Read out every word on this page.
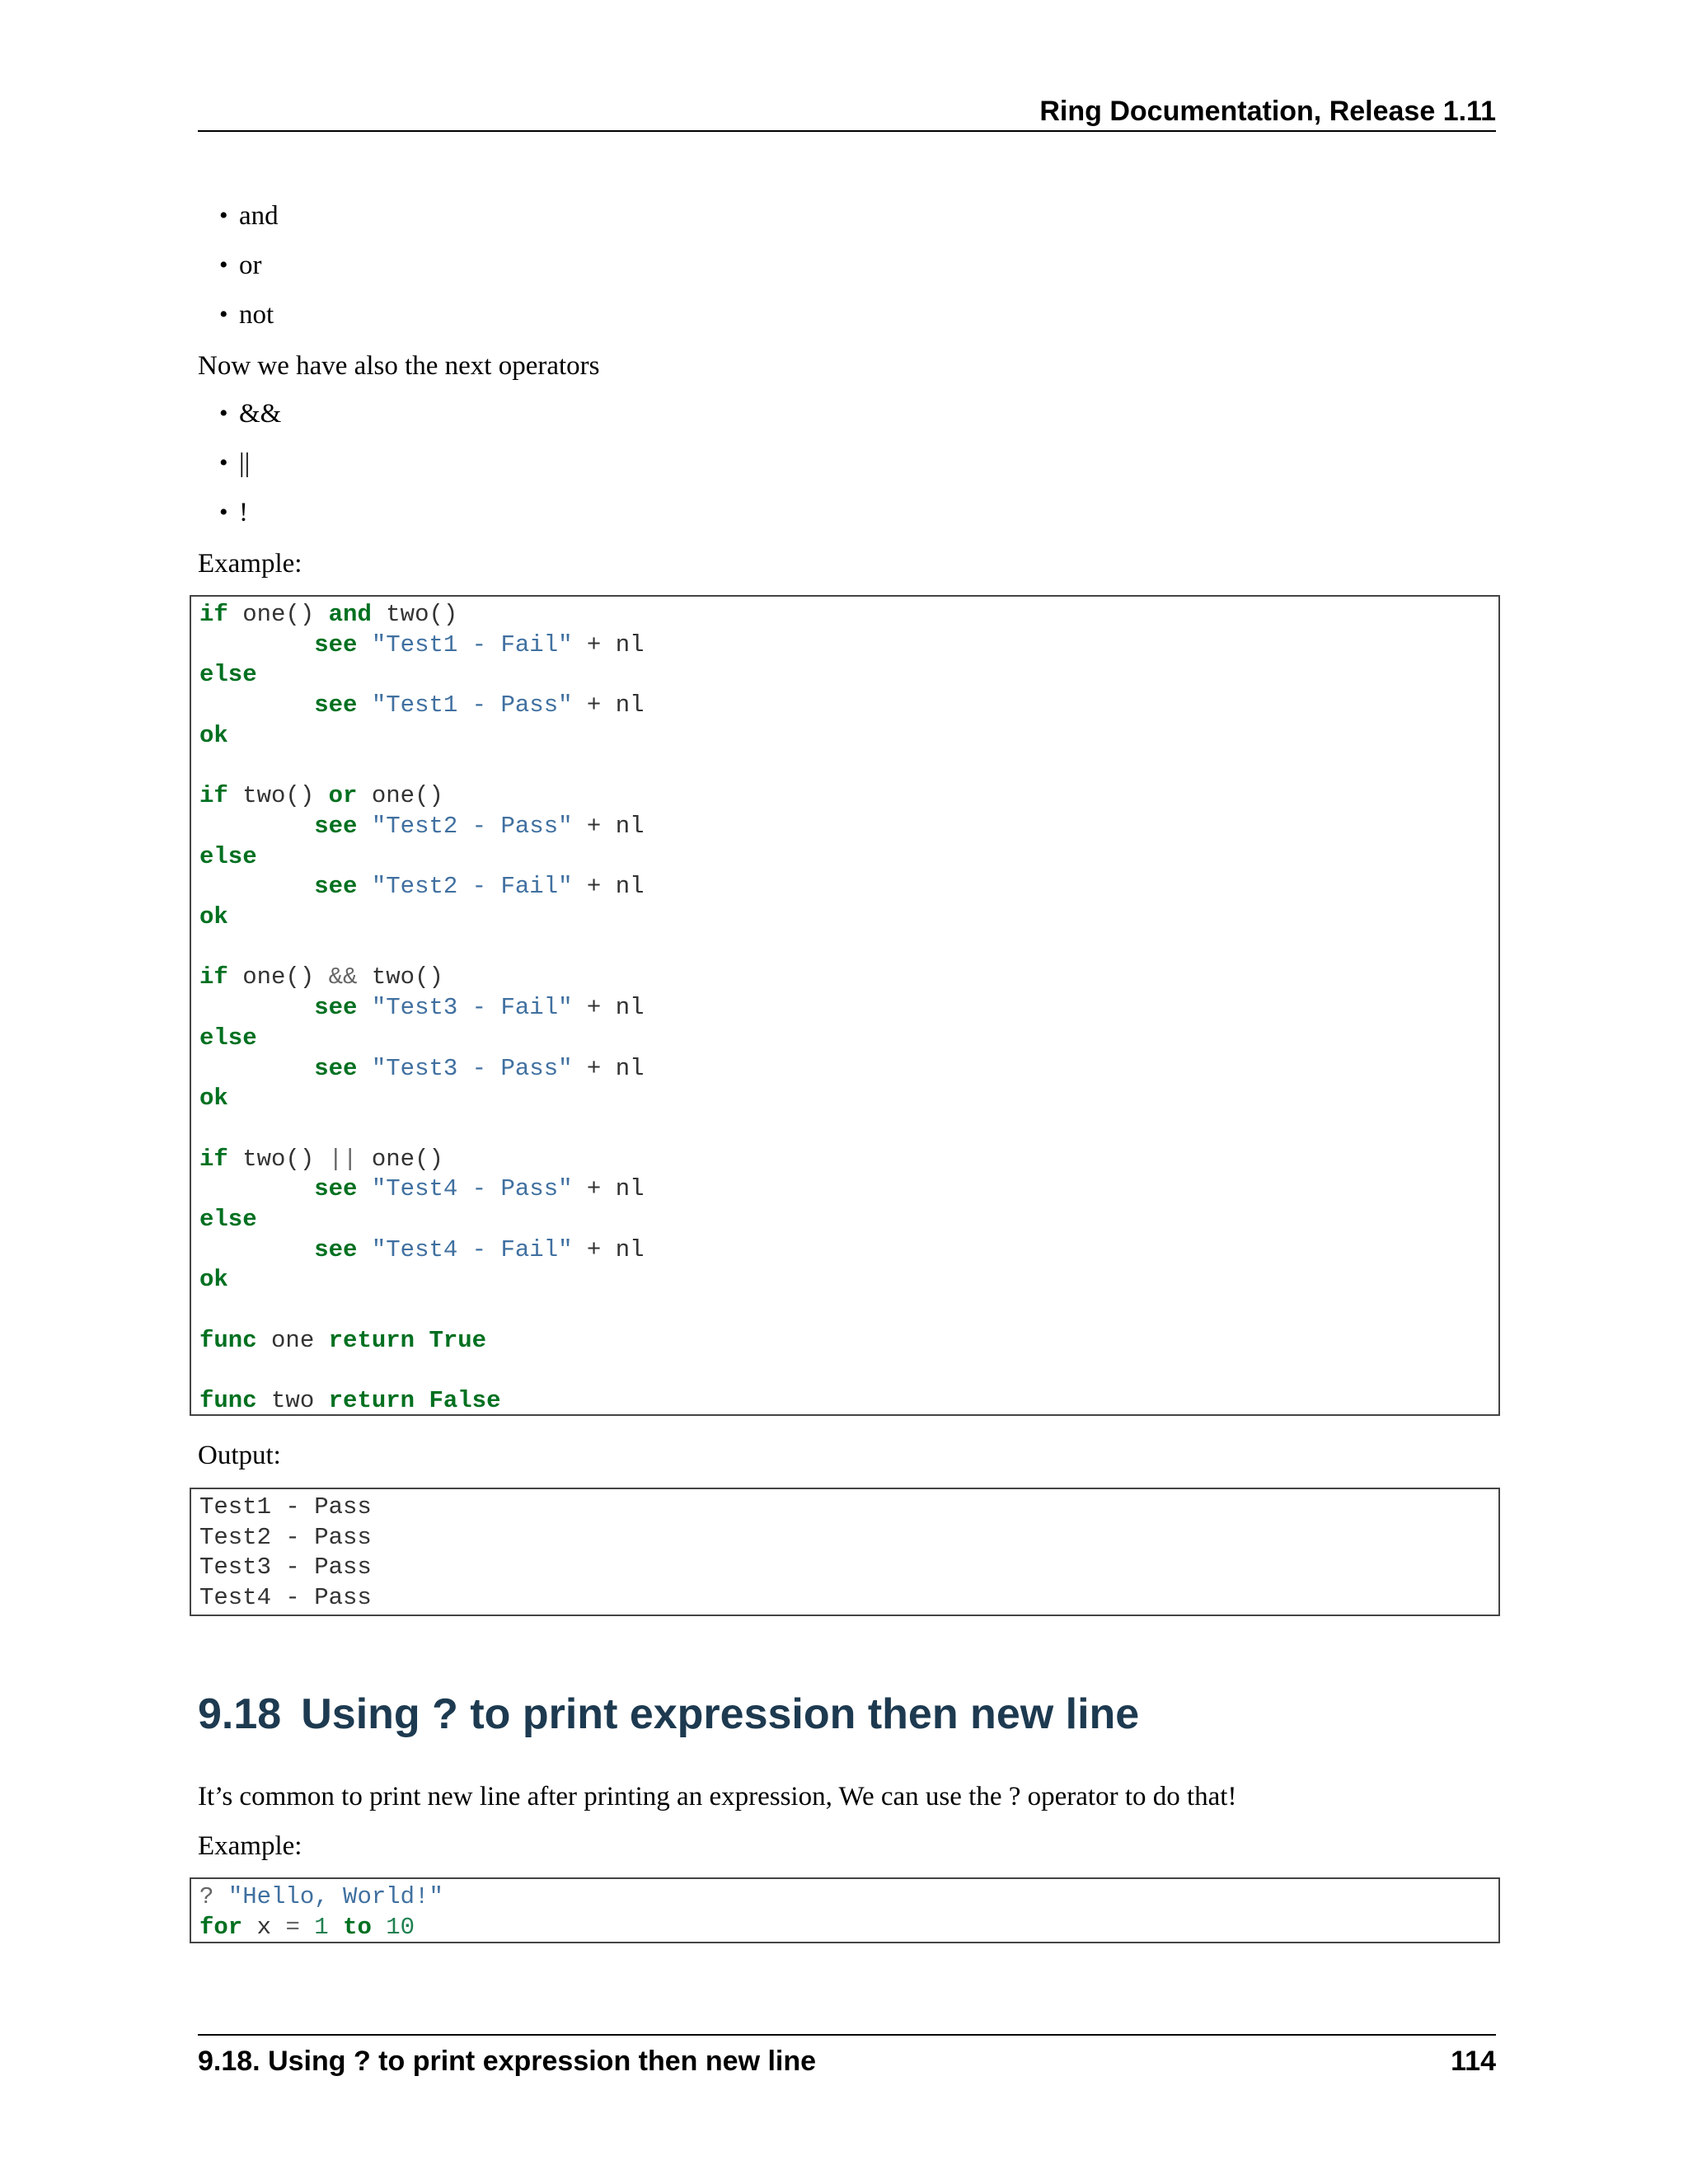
Ring Documentation, Release 1.11
• and
• or
• not

Now we have also the next operators

• &&
• ||
• !

Example:

if one() and two()
see "Test1 - Fail" + nl
else
see "Test1 - Pass" + nl
ok

if two() or one()
see "Test2 - Pass" + nl
else
see "Test2 - Fail" + nl
ok

if one() && two()
see "Test3 - Fail" + nl
else
see "Test3 - Pass" + nl
ok

if two() || one()
see "Test4 - Pass" + nl
else
see "Test4 - Fail" + nl
ok

func one return True

func two return False

Output:

Test1 - Pass
Test2 - Pass
Test3 - Pass
Test4 - Pass
9.18 Using ? to print expression then new line

It’s common to print new line after printing an expression, We can use the ? operator to do that!

Example:

? "Hello, World!"
for x = 1 to 10
9.18. Using ? to print expression then new line	114
